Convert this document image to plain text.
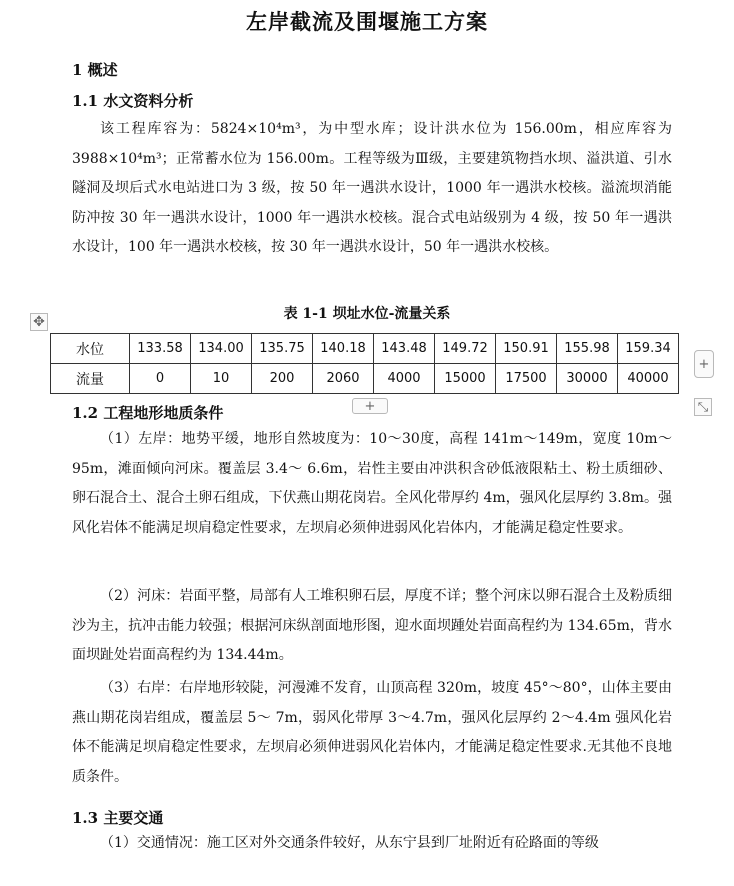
左岸截流及围堰施工方案
1 概述
1.1 水文资料分析

该工程库容为：5824×10⁴m³，为中型水库；设计洪水位为 156.00m，相应库容为3988×10⁴m³；正常蓄水位为 156.00m。工程等级为Ⅲ级，主要建筑物挡水坝、溢洪道、引水隧洞及坝后式水电站进口为 3 级，按 50 年一遇洪水设计，1000 年一遇洪水校核。溢流坝消能防冲按 30 年一遇洪水设计，1000 年一遇洪水校核。混合式电站级别为 4 级，按 50 年一遇洪水设计，100 年一遇洪水校核，按 30 年一遇洪水设计，50 年一遇洪水校核。

表 1-1 坝址水位-流量关系
✥
水位	133.58	134.00	135.75	140.18	143.48	149.72	150.91	155.98	159.34
流量	0	10	200	2060	4000	15000	17500	30000	40000
+
+	⤡
1.2 工程地形地质条件

（1）左岸：地势平缓，地形自然坡度为：10～30度，高程 141m～149m，宽度 10m～95m，滩面倾向河床。覆盖层 3.4～ 6.6m，岩性主要由冲洪积含砂低液限粘土、粉土质细砂、卵石混合土、混合土卵石组成，下伏燕山期花岗岩。全风化带厚约 4m，强风化层厚约 3.8m。强风化岩体不能满足坝肩稳定性要求，左坝肩必须伸进弱风化岩体内，才能满足稳定性要求。

（2）河床：岩面平整，局部有人工堆积卵石层，厚度不详；整个河床以卵石混合土及粉质细沙为主，抗冲击能力较强；根据河床纵剖面地形图，迎水面坝踵处岩面高程约为 134.65m，背水面坝趾处岩面高程约为 134.44m。

（3）右岸：右岸地形较陡，河漫滩不发育，山顶高程 320m，坡度 45°～80°，山体主要由燕山期花岗岩组成，覆盖层 5～ 7m，弱风化带厚 3～4.7m，强风化层厚约 2～4.4m 强风化岩体不能满足坝肩稳定性要求，左坝肩必须伸进弱风化岩体内，才能满足稳定性要求.无其他不良地质条件。

1.3 主要交通

（1）交通情况：施工区对外交通条件较好，从东宁县到厂址附近有砼路面的等级
